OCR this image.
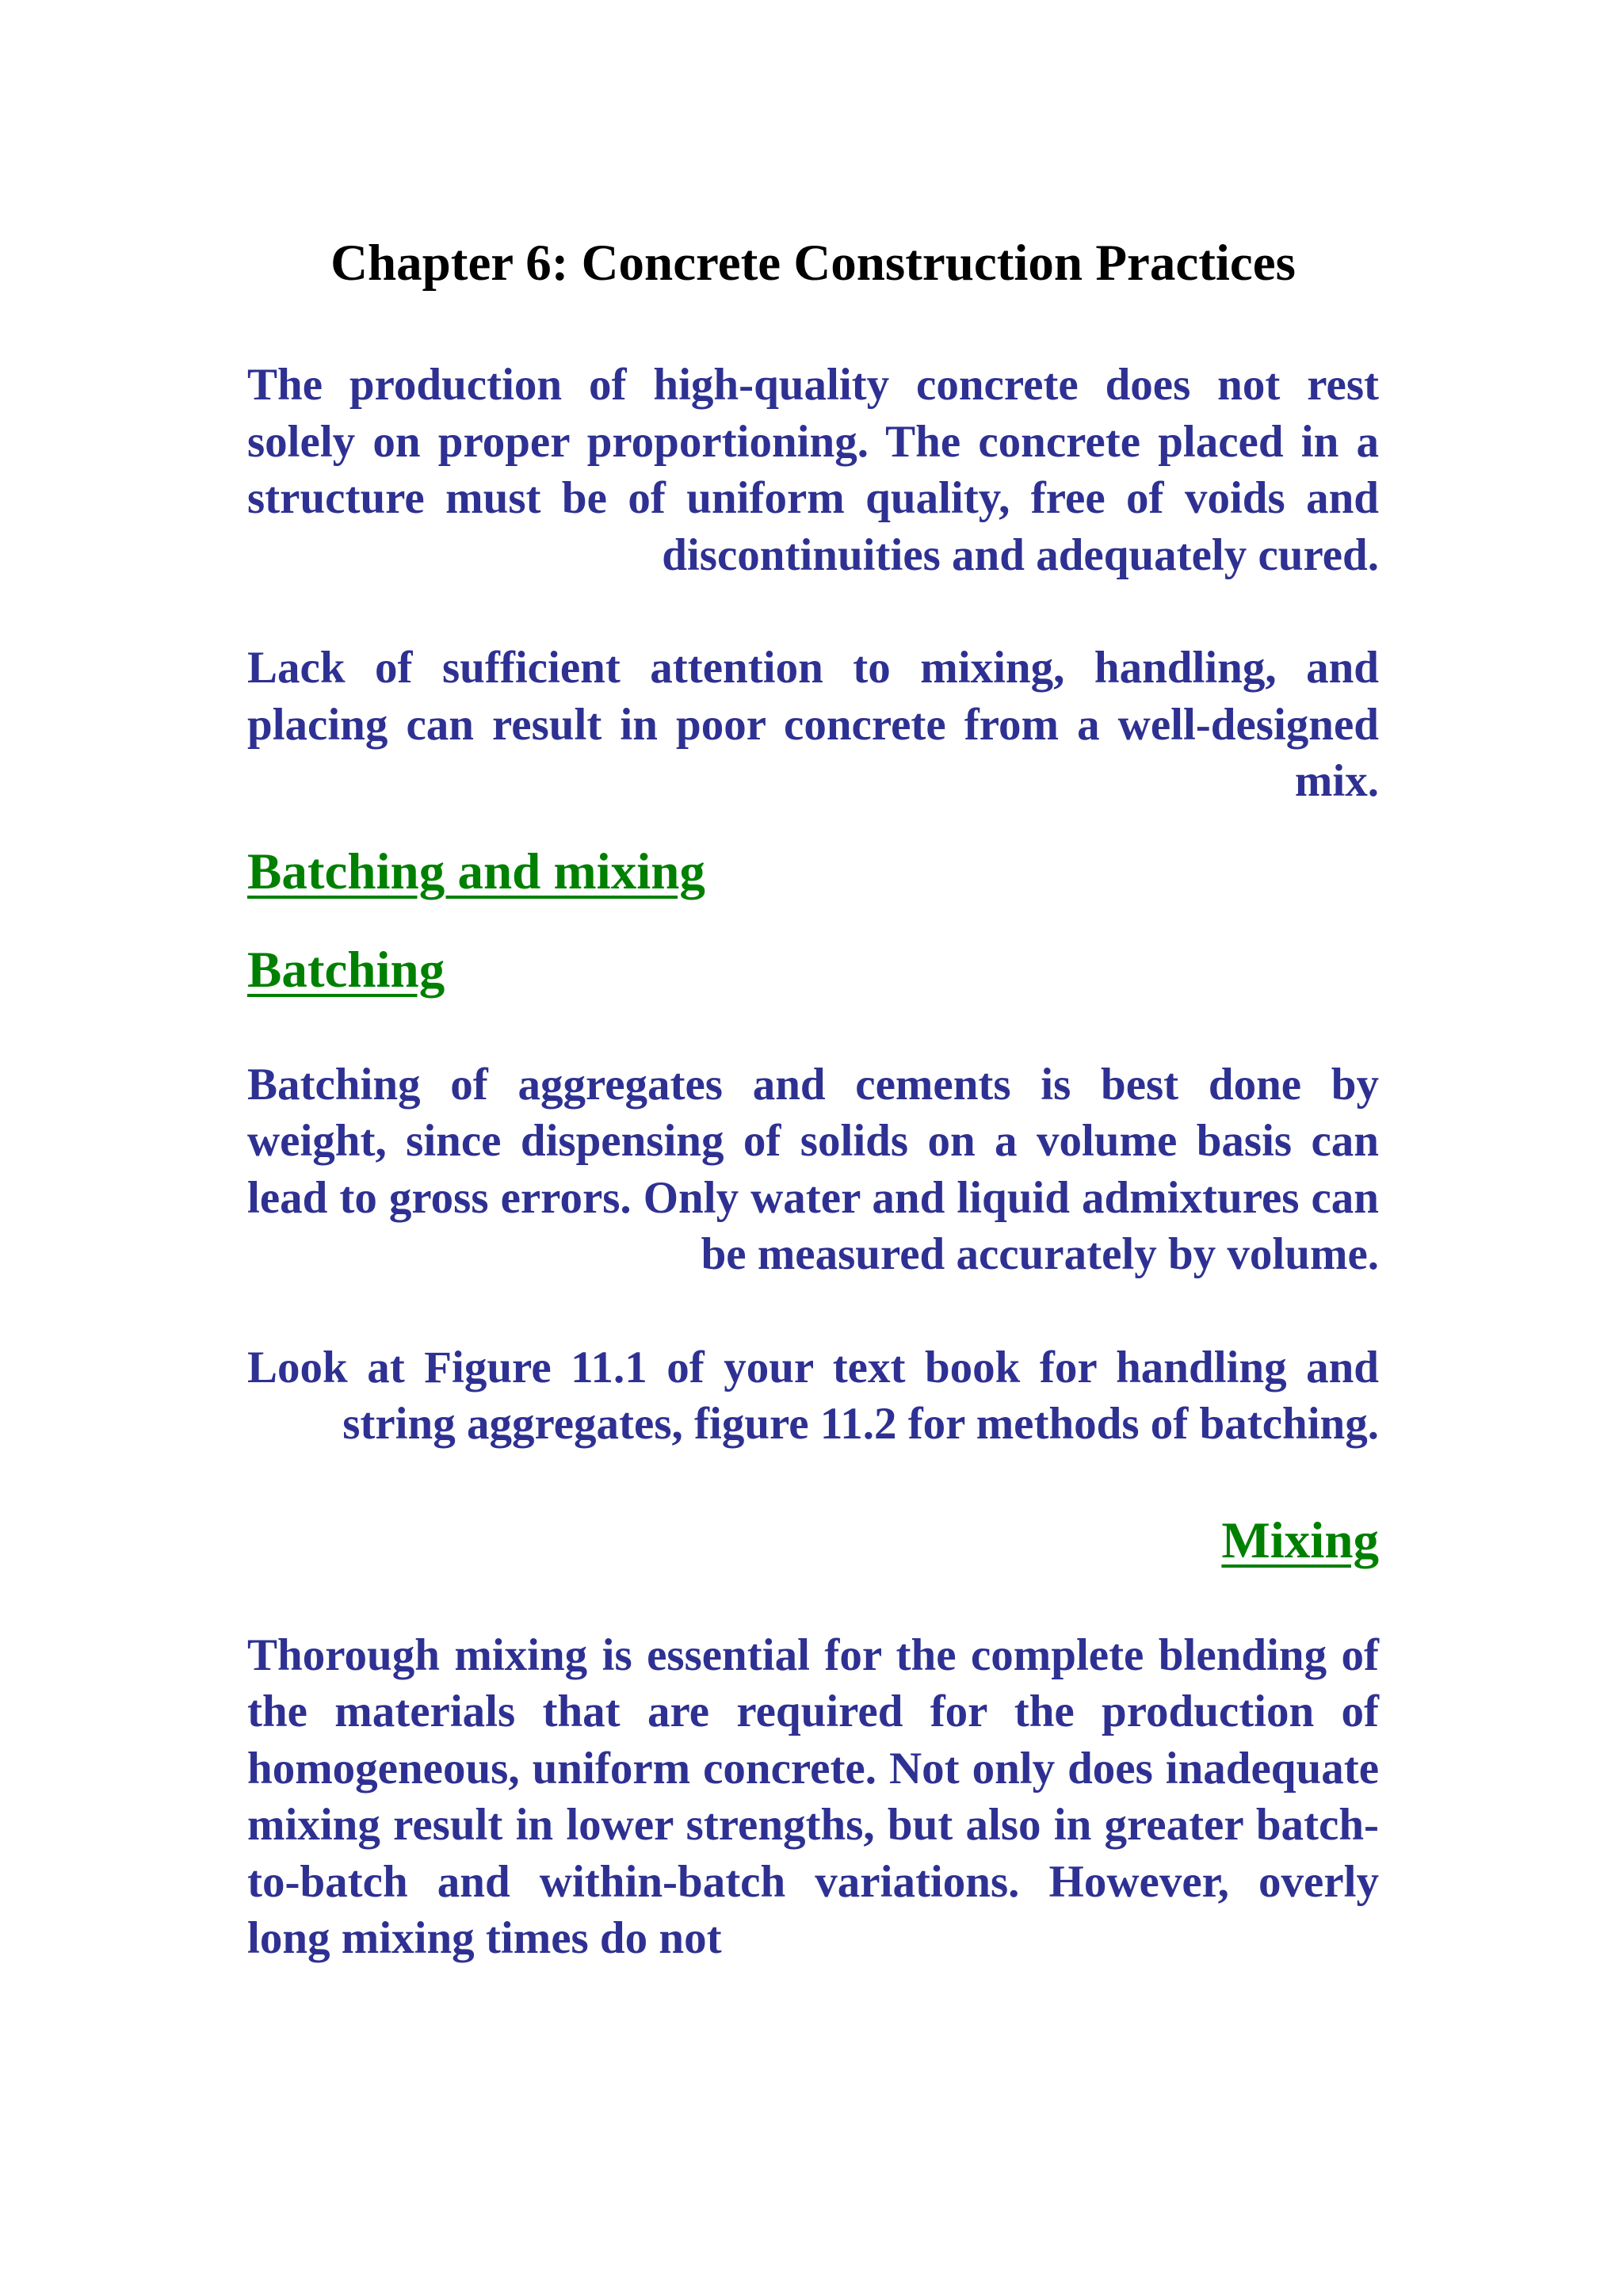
Chapter 6: Concrete Construction Practices

The production of high-quality concrete does not rest solely on proper proportioning. The concrete placed in a structure must be of uniform quality, free of voids and discontinuities and adequately cured.

Lack of sufficient attention to mixing, handling, and placing can result in poor concrete from a well-designed mix.

Batching and mixing
Batching

Batching of aggregates and cements is best done by weight, since dispensing of solids on a volume basis can lead to gross errors. Only water and liquid admixtures can be measured accurately by volume.

Look at Figure 11.1 of your text book for handling and string aggregates, figure 11.2 for methods of batching.

Mixing

Thorough mixing is essential for the complete blending of the materials that are required for the production of homogeneous, uniform concrete. Not only does inadequate mixing result in lower strengths, but also in greater batch-to-batch and within-batch variations. However, overly long mixing times do not
